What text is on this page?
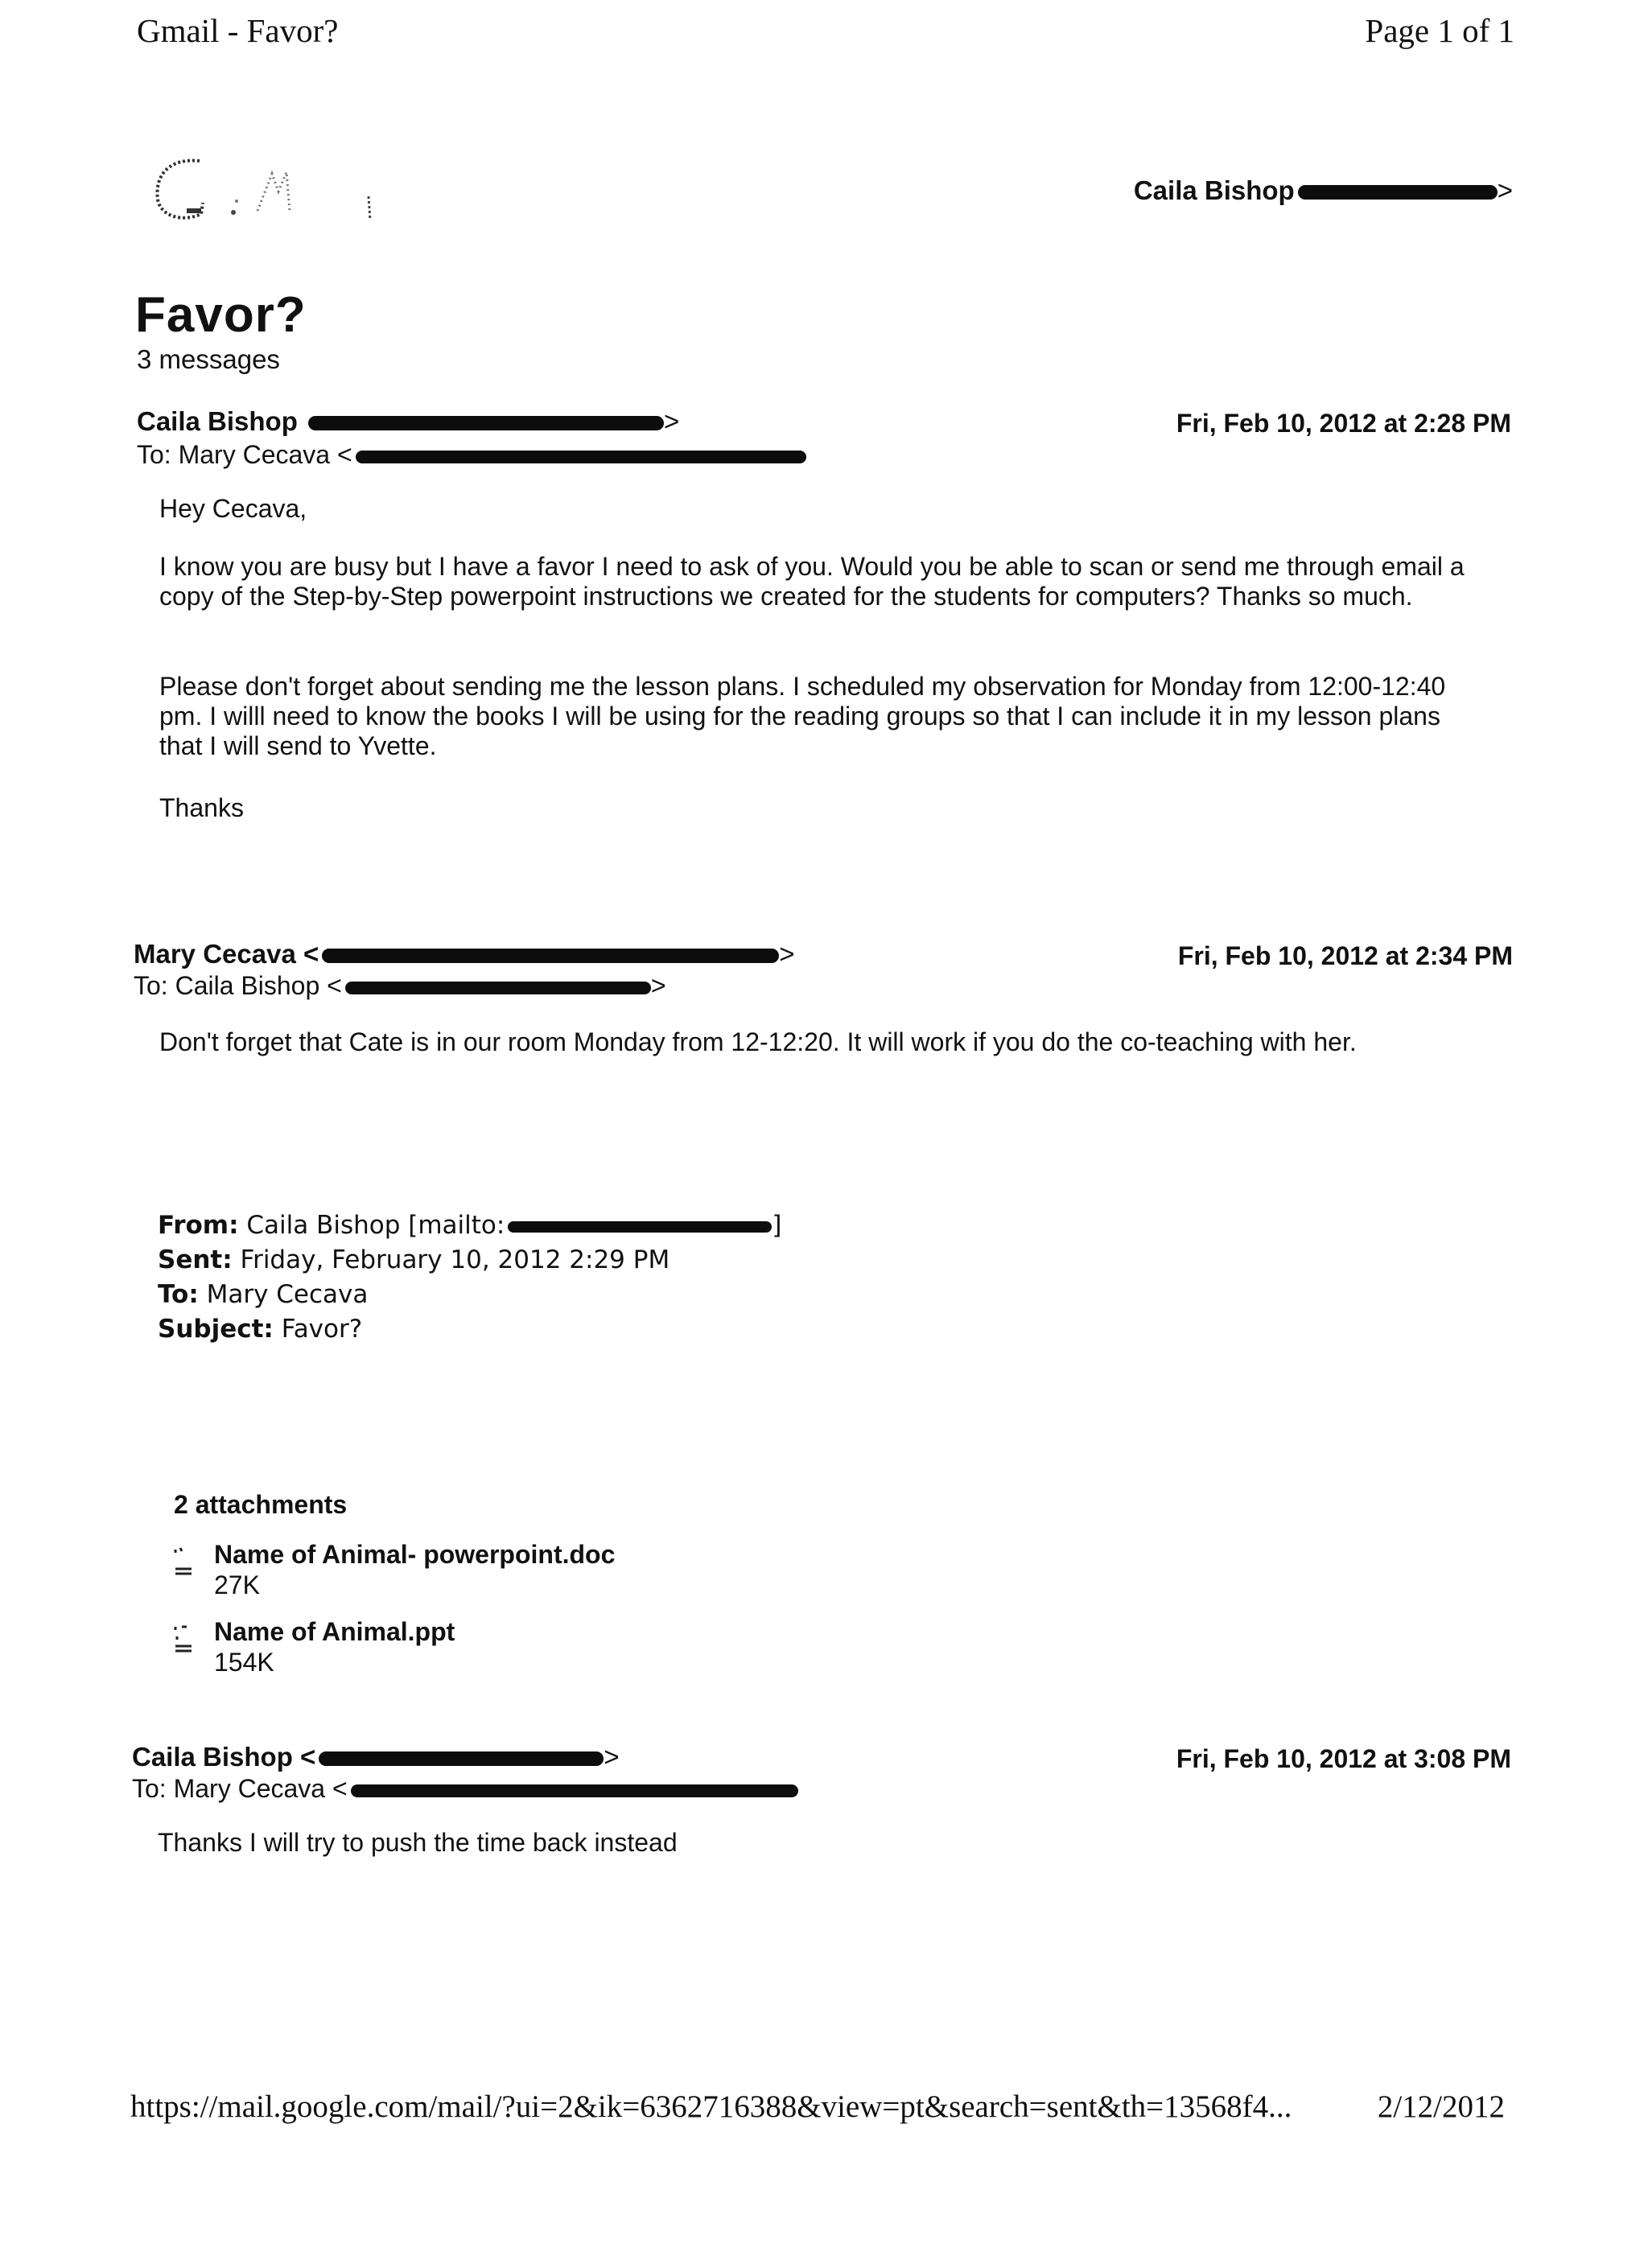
Gmail - Favor?	Page 1 of 1
Caila Bishop	>
Favor?
3 messages
Caila Bishop	>	Fri, Feb 10, 2012 at 2:28 PM
To: Mary Cecava <
Hey Cecava,
I know you are busy but I have a favor I need to ask of you. Would you be able to scan or send me through email a copy of the Step-by-Step powerpoint instructions we created for the students for computers? Thanks so much.
Please don't forget about sending me the lesson plans. I scheduled my observation for Monday from 12:00-12:40 pm. I willl need to know the books I will be using for the reading groups so that I can include it in my lesson plans that I will send to Yvette.
Thanks
Mary Cecava <	>	Fri, Feb 10, 2012 at 2:34 PM
To: Caila Bishop <	>
Don't forget that Cate is in our room Monday from 12-12:20. It will work if you do the co-teaching with her.
From: Caila Bishop [mailto:	]
Sent: Friday, February 10, 2012 2:29 PM
To: Mary Cecava
Subject: Favor?
2 attachments
Name of Animal- powerpoint.doc
27K
Name of Animal.ppt
154K
Caila Bishop <	>	Fri, Feb 10, 2012 at 3:08 PM
To: Mary Cecava <
Thanks I will try to push the time back instead
https://mail.google.com/mail/?ui=2&ik=6362716388&view=pt&search=sent&th=13568f4...	2/12/2012
